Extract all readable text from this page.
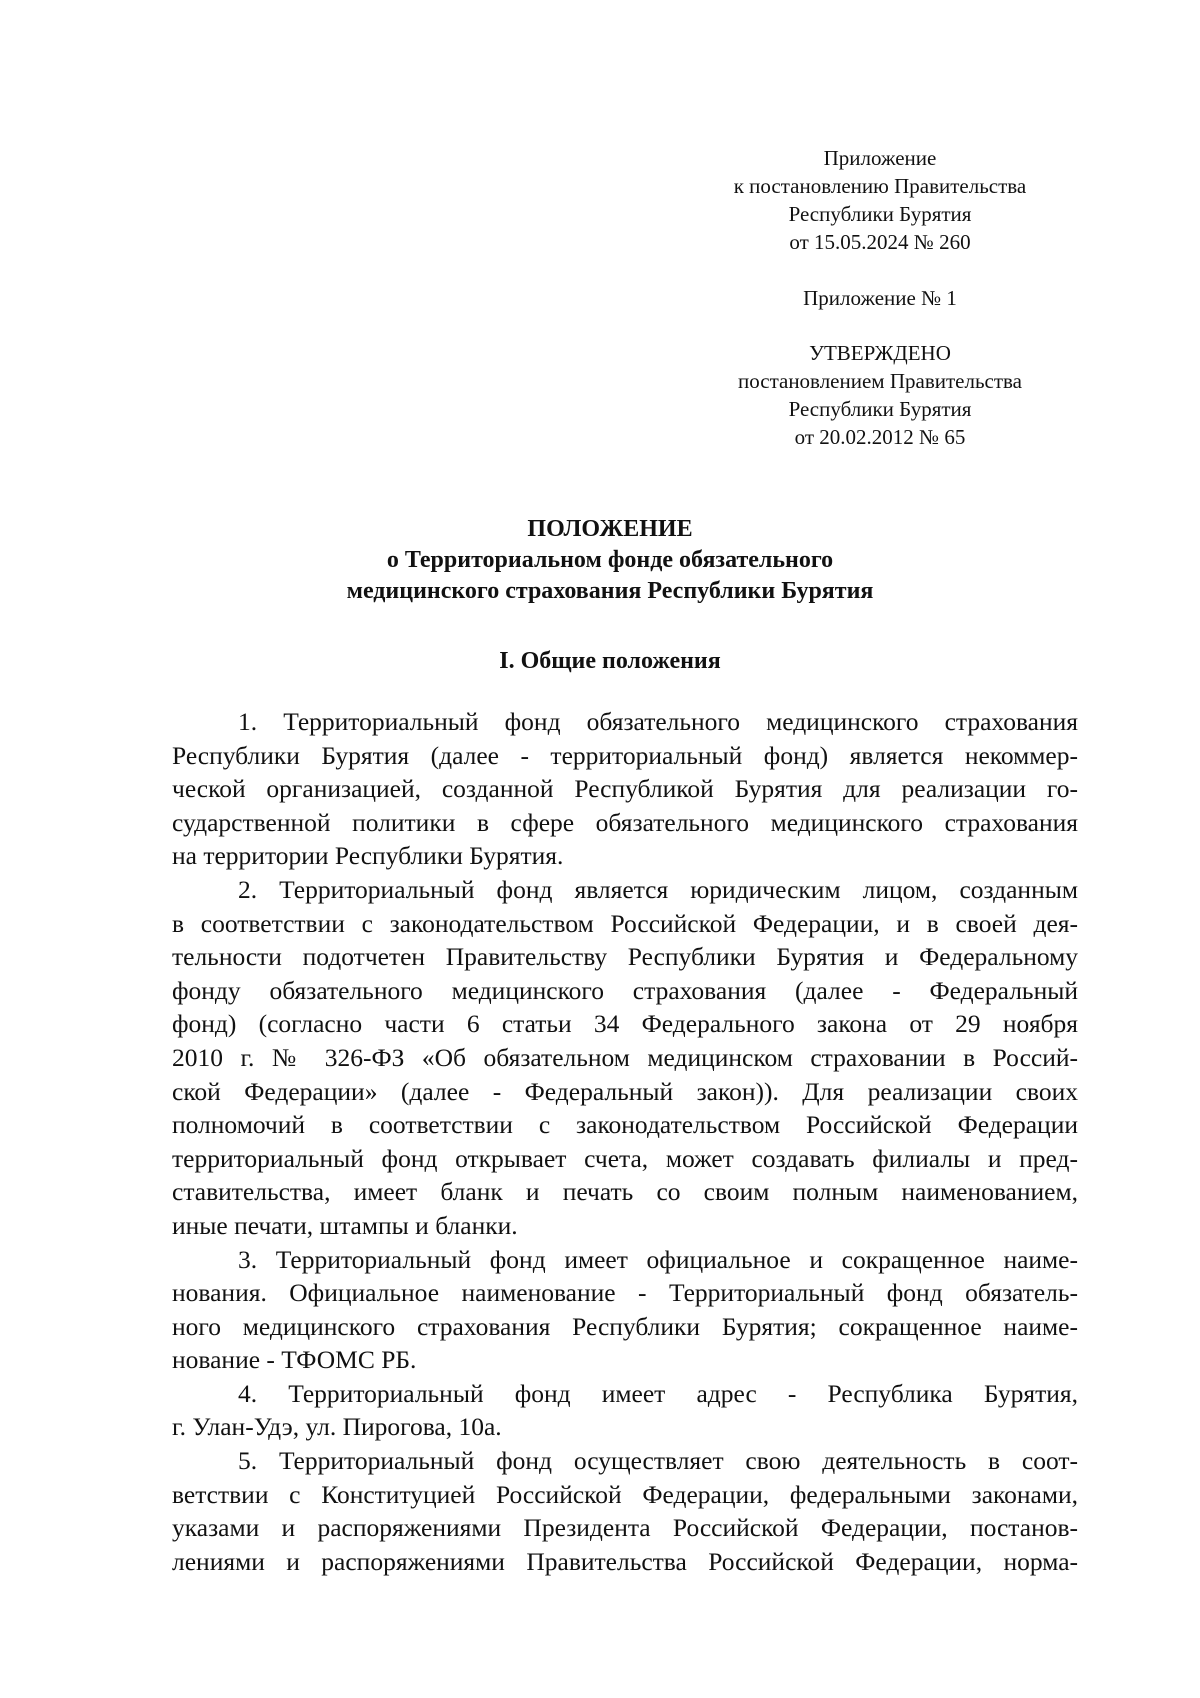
Приложение
к постановлению Правительства
Республики Бурятия
от 15.05.2024 № 260
Приложение № 1
УТВЕРЖДЕНО
постановлением Правительства
Республики Бурятия
от 20.02.2012 № 65
ПОЛОЖЕНИЕ
о Территориальном фонде обязательного
медицинского страхования Республики Бурятия
I. Общие положения
1. Территориальный фонд обязательного медицинского страхования
Республики Бурятия (далее - территориальный фонд) является некоммер-
ческой организацией, созданной Республикой Бурятия для реализации го-
сударственной политики в сфере обязательного медицинского страхования
на территории Республики Бурятия.
2. Территориальный фонд является юридическим лицом, созданным
в соответствии с законодательством Российской Федерации, и в своей дея-
тельности подотчетен Правительству Республики Бурятия и Федеральному
фонду обязательного медицинского страхования (далее - Федеральный
фонд) (согласно части 6 статьи 34 Федерального закона от 29 ноября
2010 г. № 326-ФЗ «Об обязательном медицинском страховании в Россий-
ской Федерации» (далее - Федеральный закон)). Для реализации своих
полномочий в соответствии с законодательством Российской Федерации
территориальный фонд открывает счета, может создавать филиалы и пред-
ставительства, имеет бланк и печать со своим полным наименованием,
иные печати, штампы и бланки.
3. Территориальный фонд имеет официальное и сокращенное наиме-
нования. Официальное наименование - Территориальный фонд обязатель-
ного медицинского страхования Республики Бурятия; сокращенное наиме-
нование - ТФОМС РБ.
4. Территориальный фонд имеет адрес - Республика Бурятия,
г. Улан-Удэ, ул. Пирогова, 10а.
5. Территориальный фонд осуществляет свою деятельность в соот-
ветствии с Конституцией Российской Федерации, федеральными законами,
указами и распоряжениями Президента Российской Федерации, постанов-
лениями и распоряжениями Правительства Российской Федерации, норма-
